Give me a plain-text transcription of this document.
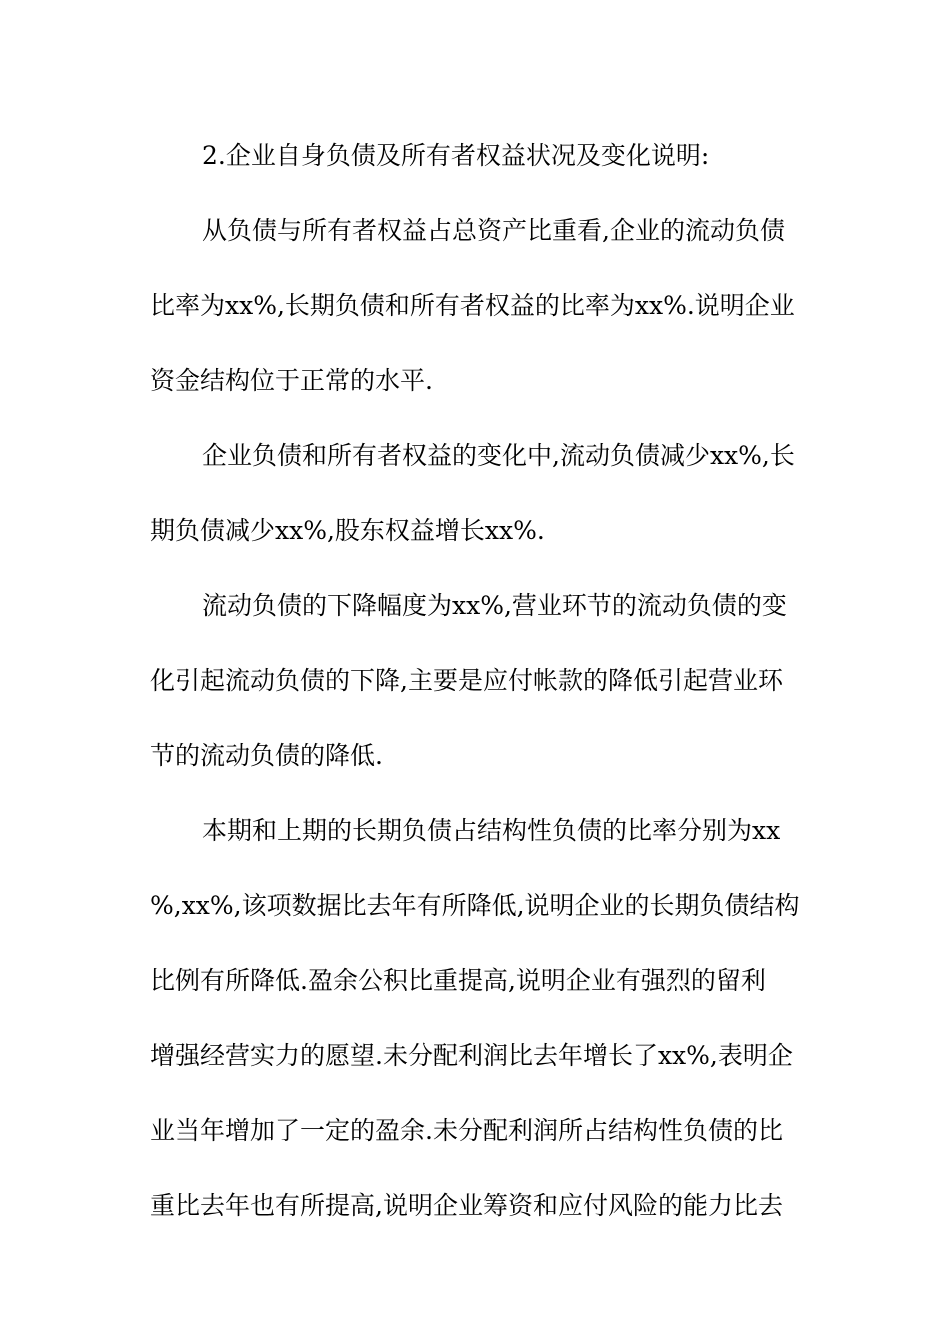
2.企业自身负债及所有者权益状况及变化说明:
从负债与所有者权益占总资产比重看,企业的流动负债
比率为xx%,长期负债和所有者权益的比率为xx%.说明企业
资金结构位于正常的水平.
企业负债和所有者权益的变化中,流动负债减少xx%,长
期负债减少xx%,股东权益增长xx%.
流动负债的下降幅度为xx%,营业环节的流动负债的变
化引起流动负债的下降,主要是应付帐款的降低引起营业环
节的流动负债的降低.
本期和上期的长期负债占结构性负债的比率分别为xx
%,xx%,该项数据比去年有所降低,说明企业的长期负债结构
比例有所降低.盈余公积比重提高,说明企业有强烈的留利
增强经营实力的愿望.未分配利润比去年增长了xx%,表明企
业当年增加了一定的盈余.未分配利润所占结构性负债的比
重比去年也有所提高,说明企业筹资和应付风险的能力比去
